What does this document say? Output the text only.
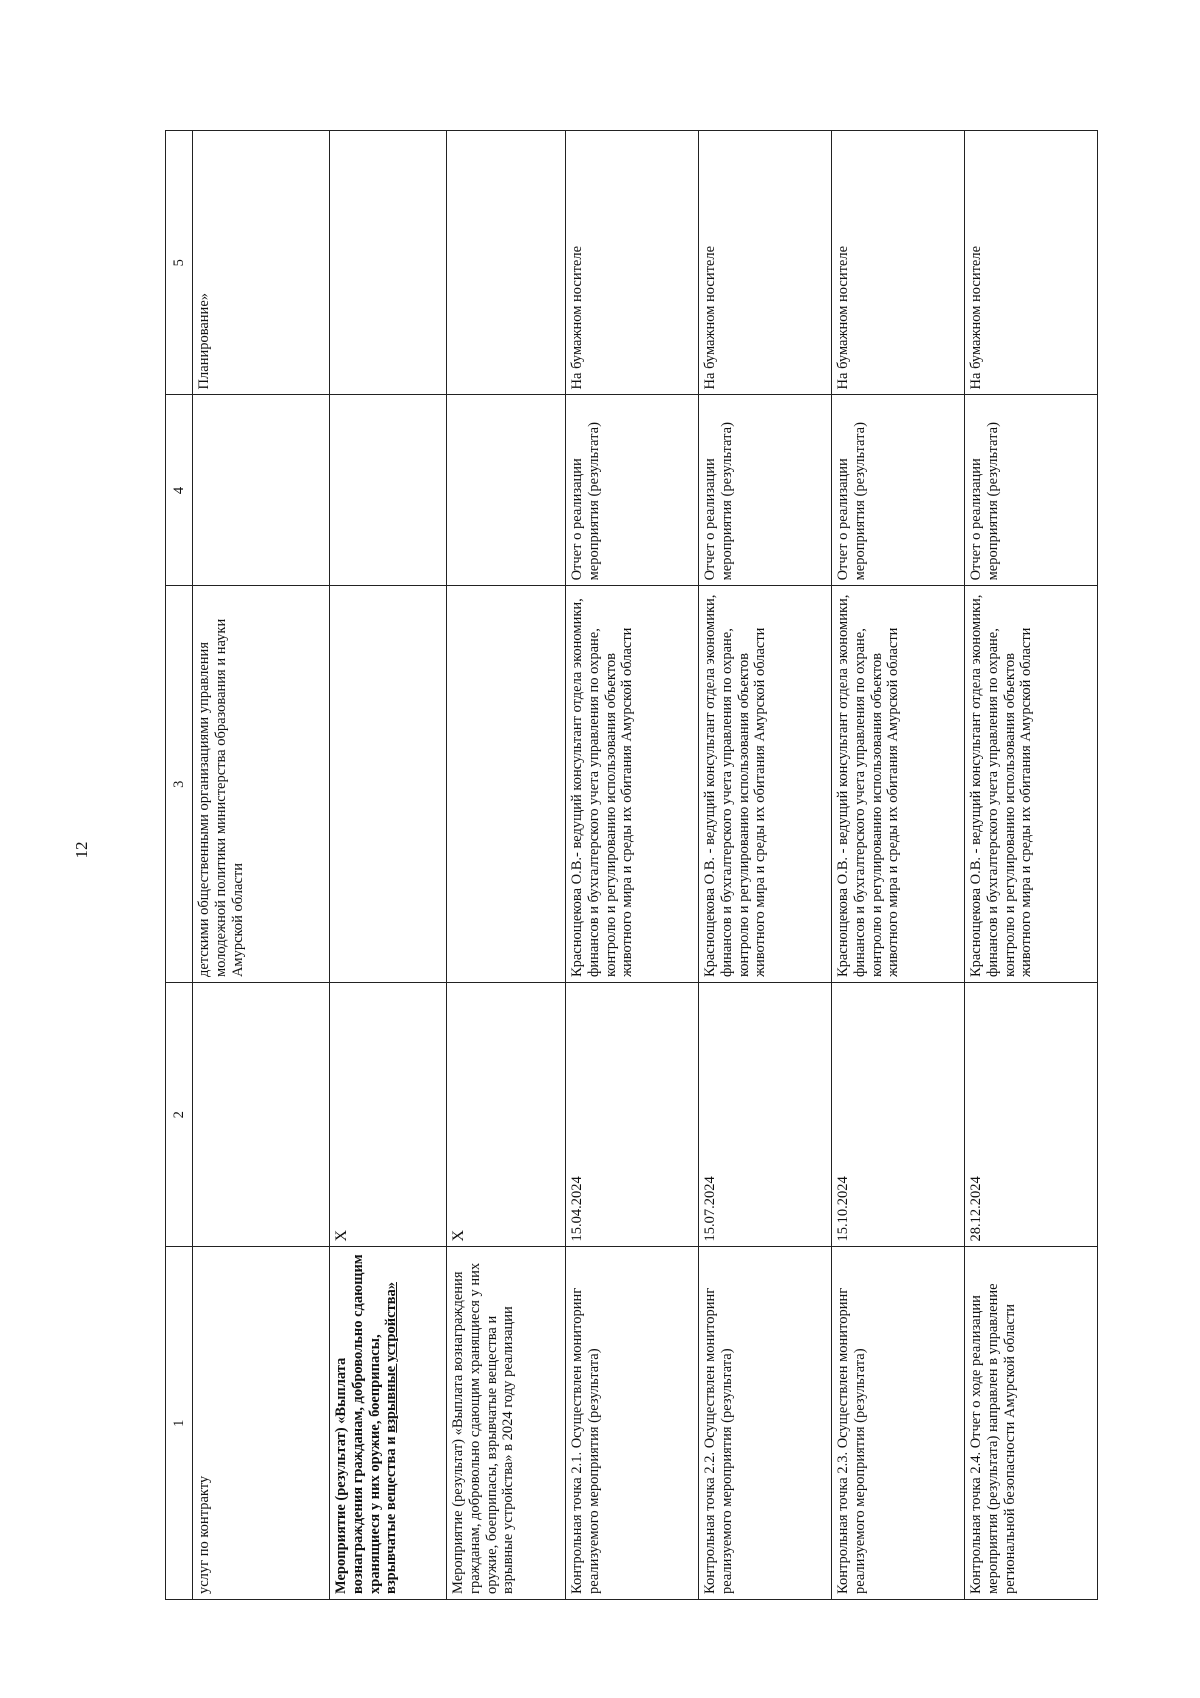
12
1	2	3	4	5
услуг по контракту		детскими общественными организациями управления молодежной политики министерства образования и науки Амурской области		Планирование»
Мероприятие (результат) «Выплата вознаграждения гражданам, добровольно сдающим хранящиеся у них оружие, боеприпасы, взрывчатые вещества и взрывные устройства»	Х			
Мероприятие (результат) «Выплата вознаграждения гражданам, добровольно сдающим хранящиеся у них оружие, боеприпасы, взрывчатые вещества и взрывные устройства» в 2024 году реализации	Х			
Контрольная точка 2.1. Осуществлен мониторинг реализуемого мероприятия (результата)	15.04.2024	Краснощекова О.В.- ведущий консультант отдела экономики, финансов и бухгалтерского учета управления по охране, контролю и регулированию использования объектов животного мира и среды их обитания Амурской области	Отчет о реализации мероприятия (результата)	На бумажном носителе
Контрольная точка 2.2. Осуществлен мониторинг реализуемого мероприятия (результата)	15.07.2024	Краснощекова О.В. - ведущий консультант отдела экономики, финансов и бухгалтерского учета управления по охране, контролю и регулированию использования объектов животного мира и среды их обитания Амурской области	Отчет о реализации мероприятия (результата)	На бумажном носителе
Контрольная точка 2.3. Осуществлен мониторинг реализуемого мероприятия (результата)	15.10.2024	Краснощекова О.В. - ведущий консультант отдела экономики, финансов и бухгалтерского учета управления по охране, контролю и регулированию использования объектов животного мира и среды их обитания Амурской области	Отчет о реализации мероприятия (результата)	На бумажном носителе
Контрольная точка 2.4. Отчет о ходе реализации мероприятия (результата) направлен в управление региональной безопасности Амурской области	28.12.2024	Краснощекова О.В. - ведущий консультант отдела экономики, финансов и бухгалтерского учета управления по охране, контролю и регулированию использования объектов животного мира и среды их обитания Амурской области	Отчет о реализации мероприятия (результата)	На бумажном носителе
